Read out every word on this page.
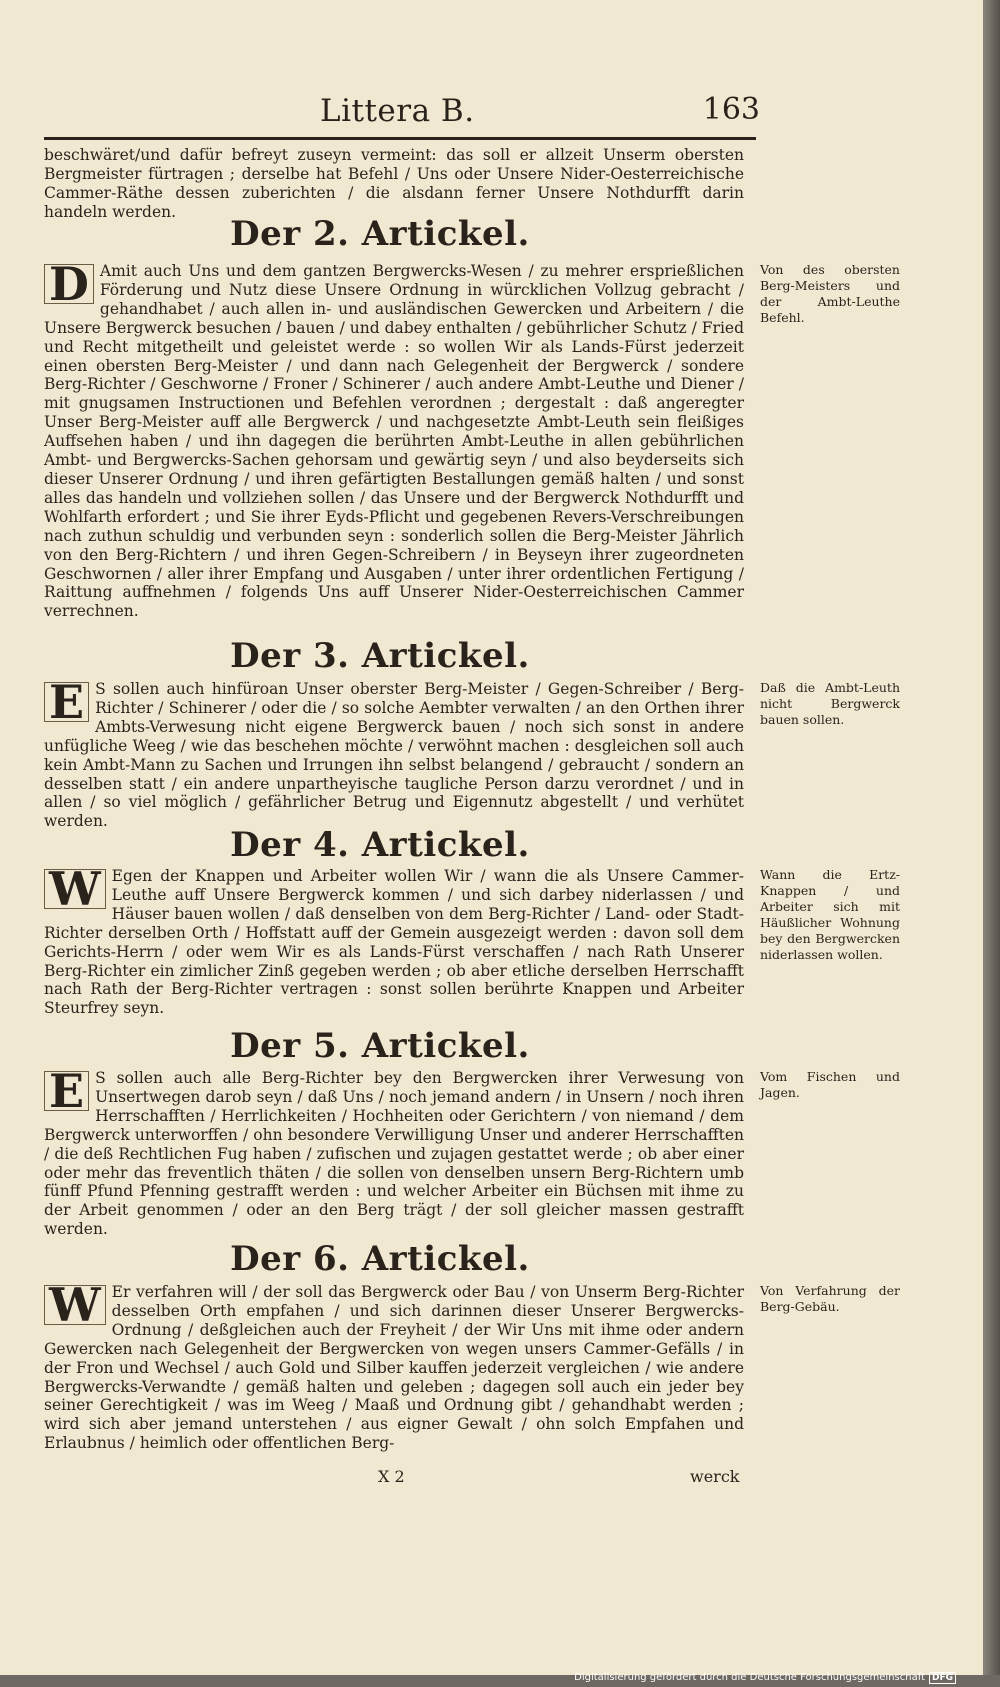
Littera B.	163
beschwäret/und dafür befreyt zuseyn vermeint: das soll er allzeit Unserm obersten Bergmeister fürtragen ; derselbe hat Befehl / Uns oder Unsere Nider-Oesterreichische Cammer-Räthe dessen zuberichten / die alsdann ferner Unsere Nothdurfft darin handeln werden.
Der 2. Artickel.
D Amit auch Uns und dem gantzen Bergwercks-Wesen / zu mehrer ersprießlichen Förderung und Nutz diese Unsere Ordnung in würcklichen Vollzug gebracht / gehandhabet / auch allen in- und ausländischen Gewercken und Arbeitern / die Unsere Bergwerck besuchen / bauen / und dabey enthalten / gebührlicher Schutz / Fried und Recht mitgetheilt und geleistet werde : so wollen Wir als Lands-Fürst jederzeit einen obersten Berg-Meister / und dann nach Gelegenheit der Bergwerck / sondere Berg-Richter / Geschworne / Froner / Schinerer / auch andere Ambt-Leuthe und Diener / mit gnugsamen Instructionen und Befehlen verordnen ; dergestalt : daß angeregter Unser Berg-Meister auff alle Bergwerck / und nachgesetzte Ambt-Leuth sein fleißiges Auffsehen haben / und ihn dagegen die berührten Ambt-Leuthe in allen gebührlichen Ambt- und Bergwercks-Sachen gehorsam und gewärtig seyn / und also beyderseits sich dieser Unserer Ordnung / und ihren gefärtigten Bestallungen gemäß halten / und sonst alles das handeln und vollziehen sollen / das Unsere und der Bergwerck Nothdurfft und Wohlfarth erfordert ; und Sie ihrer Eyds-Pflicht und gegebenen Revers-Verschreibungen nach zuthun schuldig und verbunden seyn : sonderlich sollen die Berg-Meister Jährlich von den Berg-Richtern / und ihren Gegen-Schreibern / in Beyseyn ihrer zugeordneten Geschwornen / aller ihrer Empfang und Ausgaben / unter ihrer ordentlichen Fertigung / Raittung auffnehmen / folgends Uns auff Unserer Nider-Oesterreichischen Cammer verrechnen.
Von des obersten Berg-Meisters und der Ambt-Leuthe Befehl.
Der 3. Artickel.
E S sollen auch hinfüroan Unser oberster Berg-Meister / Gegen-Schreiber / Berg-Richter / Schinerer / oder die / so solche Aembter verwalten / an den Orthen ihrer Ambts-Verwesung nicht eigene Bergwerck bauen / noch sich sonst in andere unfügliche Weeg / wie das beschehen möchte / verwöhnt machen : desgleichen soll auch kein Ambt-Mann zu Sachen und Irrungen ihn selbst belangend / gebraucht / sondern an desselben statt / ein andere unpartheyische taugliche Person darzu verordnet / und in allen / so viel möglich / gefährlicher Betrug und Eigennutz abgestellt / und verhütet werden.
Daß die Ambt-Leuth nicht Bergwerck bauen sollen.
Der 4. Artickel.
W Egen der Knappen und Arbeiter wollen Wir / wann die als Unsere Cammer-Leuthe auff Unsere Bergwerck kommen / und sich darbey niderlassen / und Häuser bauen wollen / daß denselben von dem Berg-Richter / Land- oder Stadt-Richter derselben Orth / Hoffstatt auff der Gemein ausgezeigt werden : davon soll dem Gerichts-Herrn / oder wem Wir es als Lands-Fürst verschaffen / nach Rath Unserer Berg-Richter ein zimlicher Zinß gegeben werden ; ob aber etliche derselben Herrschafft nach Rath der Berg-Richter vertragen : sonst sollen berührte Knappen und Arbeiter Steurfrey seyn.
Wann die Ertz-Knappen / und Arbeiter sich mit Häußlicher Wohnung bey den Bergwercken niderlassen wollen.
Der 5. Artickel.
E S sollen auch alle Berg-Richter bey den Bergwercken ihrer Verwesung von Unsertwegen darob seyn / daß Uns / noch jemand andern / in Unsern / noch ihren Herrschafften / Herrlichkeiten / Hochheiten oder Gerichtern / von niemand / dem Bergwerck unterworffen / ohn besondere Verwilligung Unser und anderer Herrschafften / die deß Rechtlichen Fug haben / zufischen und zujagen gestattet werde ; ob aber einer oder mehr das freventlich thäten / die sollen von denselben unsern Berg-Richtern umb fünff Pfund Pfenning gestrafft werden : und welcher Arbeiter ein Büchsen mit ihme zu der Arbeit genommen / oder an den Berg trägt / der soll gleicher massen gestrafft werden.
Vom Fischen und Jagen.
Der 6. Artickel.
W Er verfahren will / der soll das Bergwerck oder Bau / von Unserm Berg-Richter desselben Orth empfahen / und sich darinnen dieser Unserer Bergwercks-Ordnung / deßgleichen auch der Freyheit / der Wir Uns mit ihme oder andern Gewercken nach Gelegenheit der Bergwercken von wegen unsers Cammer-Gefälls / in der Fron und Wechsel / auch Gold und Silber kauffen jederzeit vergleichen / wie andere Bergwercks-Verwandte / gemäß halten und geleben ; dagegen soll auch ein jeder bey seiner Gerechtigkeit / was im Weeg / Maaß und Ordnung gibt / gehandhabt werden ; wird sich aber jemand unterstehen / aus eigner Gewalt / ohn solch Empfahen und Erlaubnus / heimlich oder offentlichen Berg-
Von Verfahrung der Berg-Gebäu.
X 2	werck
Digitalisierung gefördert durch die Deutsche Forschungsgemeinschaft DFG
